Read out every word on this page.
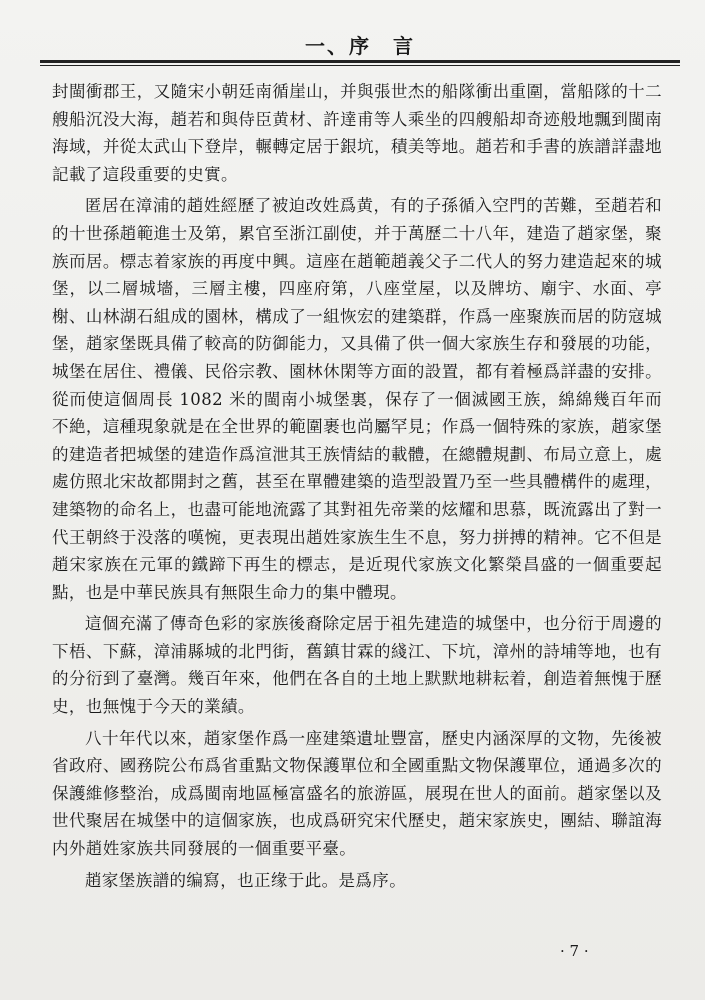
一、序　言

封閩衝郡王，又隨宋小朝廷南循崖山，并與張世杰的船隊衝出重圍，當船隊的十二艘船沉没大海，趙若和與侍臣黄材、許達甫等人乘坐的四艘船却奇迹般地飄到閩南海域，并從太武山下登岸，輾轉定居于銀坑，積美等地。趙若和手書的族譜詳盡地記載了這段重要的史實。

匿居在漳浦的趙姓經歷了被迫改姓爲黄，有的子孫循入空門的苦難，至趙若和的十世孫趙範進士及第，累官至浙江副使，并于萬歷二十八年，建造了趙家堡，聚族而居。標志着家族的再度中興。這座在趙範趙義父子二代人的努力建造起來的城堡，以二層城墻，三層主樓，四座府第，八座堂屋，以及牌坊、廟宇、水面、亭榭、山林湖石組成的園林，構成了一組恢宏的建築群，作爲一座聚族而居的防寇城堡，趙家堡既具備了較高的防御能力，又具備了供一個大家族生存和發展的功能，城堡在居住、禮儀、民俗宗教、園林休閑等方面的設置，都有着極爲詳盡的安排。從而使這個周長 1082 米的閩南小城堡裏，保存了一個滅國王族，綿綿幾百年而不絶，這種現象就是在全世界的範圍裹也尚屬罕見；作爲一個特殊的家族，趙家堡的建造者把城堡的建造作爲渲泄其王族情結的載體，在總體規劃、布局立意上，處處仿照北宋故都開封之舊，甚至在單體建築的造型設置乃至一些具體構件的處理，建築物的命名上，也盡可能地流露了其對祖先帝業的炫耀和思慕，既流露出了對一代王朝終于没落的嘆惋，更表現出趙姓家族生生不息，努力拼搏的精神。它不但是趙宋家族在元軍的鐵蹄下再生的標志，是近現代家族文化繁榮昌盛的一個重要起點，也是中華民族具有無限生命力的集中體現。

這個充滿了傳奇色彩的家族後裔除定居于祖先建造的城堡中，也分衍于周邊的下梧、下蘇，漳浦縣城的北門街，舊鎮甘霖的綫江、下坑，漳州的詩埔等地，也有的分衍到了臺灣。幾百年來，他們在各自的土地上默默地耕耘着，創造着無愧于歷史，也無愧于今天的業績。

八十年代以來，趙家堡作爲一座建築遺址豐富，歷史内涵深厚的文物，先後被省政府、國務院公布爲省重點文物保護單位和全國重點文物保護單位，通過多次的保護維修整治，成爲閩南地區極富盛名的旅游區，展現在世人的面前。趙家堡以及世代聚居在城堡中的這個家族，也成爲研究宋代歷史，趙宋家族史，團結、聯誼海内外趙姓家族共同發展的一個重要平臺。

趙家堡族譜的编寫，也正缘于此。是爲序。

· 7 ·
